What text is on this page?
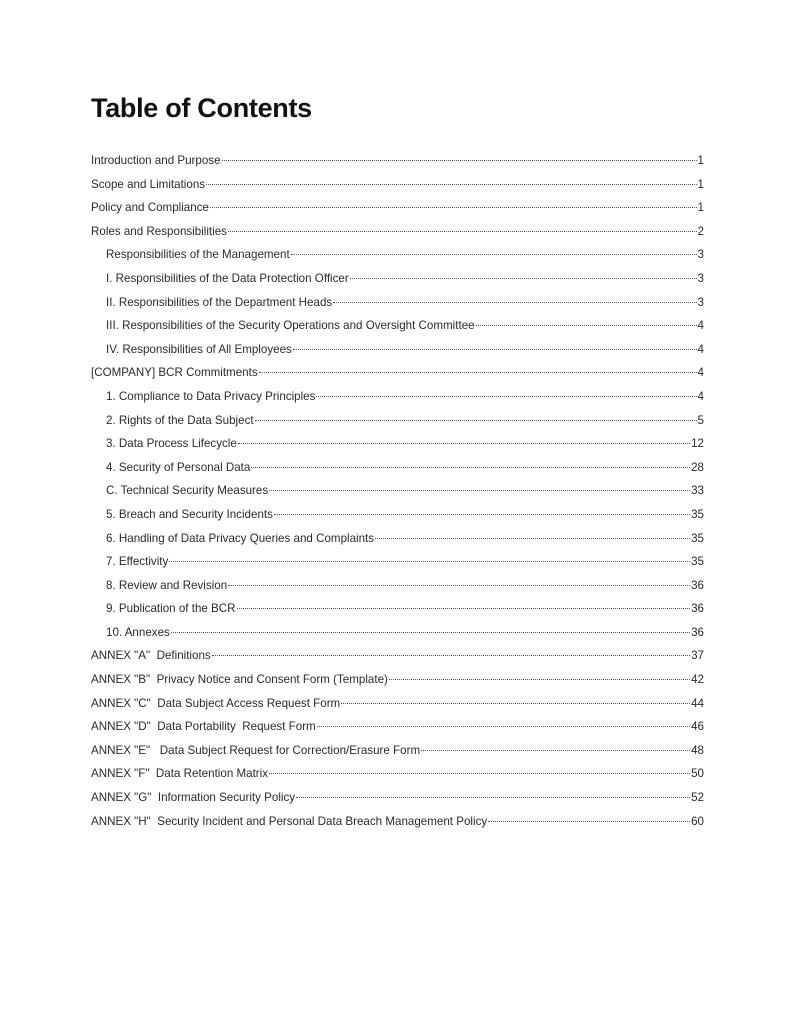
Table of Contents
Introduction and Purpose	1
Scope and Limitations	1
Policy and Compliance	1
Roles and Responsibilities	2
Responsibilities of the Management	3
I. Responsibilities of the Data Protection Officer	3
II. Responsibilities of the Department Heads	3
III. Responsibilities of the Security Operations and Oversight Committee	4
IV. Responsibilities of All Employees	4
[COMPANY] BCR Commitments	4
1. Compliance to Data Privacy Principles	4
2. Rights of the Data Subject	5
3. Data Process Lifecycle	12
4. Security of Personal Data	28
C. Technical Security Measures	33
5. Breach and Security Incidents	35
6. Handling of Data Privacy Queries and Complaints	35
7. Effectivity	35
8. Review and Revision	36
9. Publication of the BCR	36
10. Annexes	36
ANNEX "A"  Definitions	37
ANNEX "B"  Privacy Notice and Consent Form (Template)	42
ANNEX "C"  Data Subject Access Request Form	44
ANNEX "D"  Data Portability  Request Form	46
ANNEX "E"   Data Subject Request for Correction/Erasure Form	48
ANNEX "F"  Data Retention Matrix	50
ANNEX "G"  Information Security Policy	52
ANNEX "H"  Security Incident and Personal Data Breach Management Policy	60
